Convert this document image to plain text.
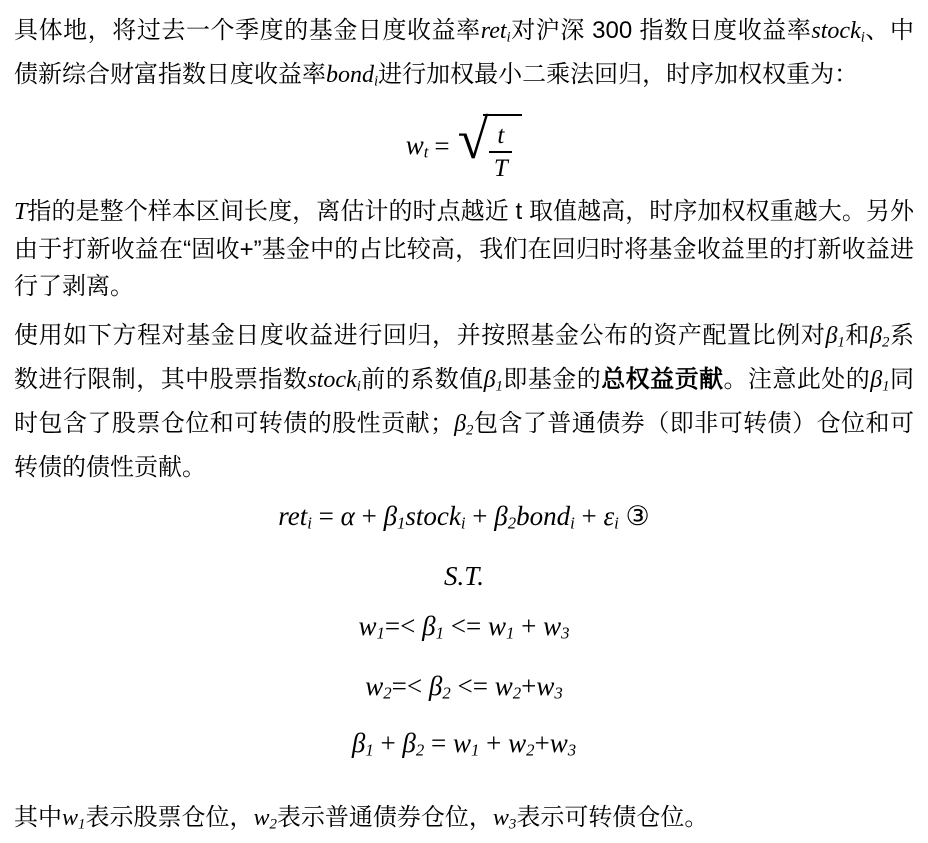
具体地，将过去一个季度的基金日度收益率reti对沪深 300 指数日度收益率stocki、中债新综合财富指数日度收益率bondi进行加权最小二乘法回归，时序加权权重为：

wt = √ $\frac{t}{T}$

T指的是整个样本区间长度，离估计的时点越近 t 取值越高，时序加权权重越大。另外由于打新收益在“固收+”基金中的占比较高，我们在回归时将基金收益里的打新收益进行了剥离。

使用如下方程对基金日度收益进行回归，并按照基金公布的资产配置比例对β1和β2系数进行限制，其中股票指数stocki前的系数值β1即基金的总权益贡献。注意此处的β1同时包含了股票仓位和可转债的股性贡献；β2包含了普通债券（即非可转债）仓位和可转债的债性贡献。

reti = α + β1stocki + β2bondi + εi ③
S.T.
w1=< β1 <= w1 + w3
w2=< β2 <= w2+w3
β1 + β2 = w1 + w2+w3

其中w1表示股票仓位，w2表示普通债券仓位，w3表示可转债仓位。
